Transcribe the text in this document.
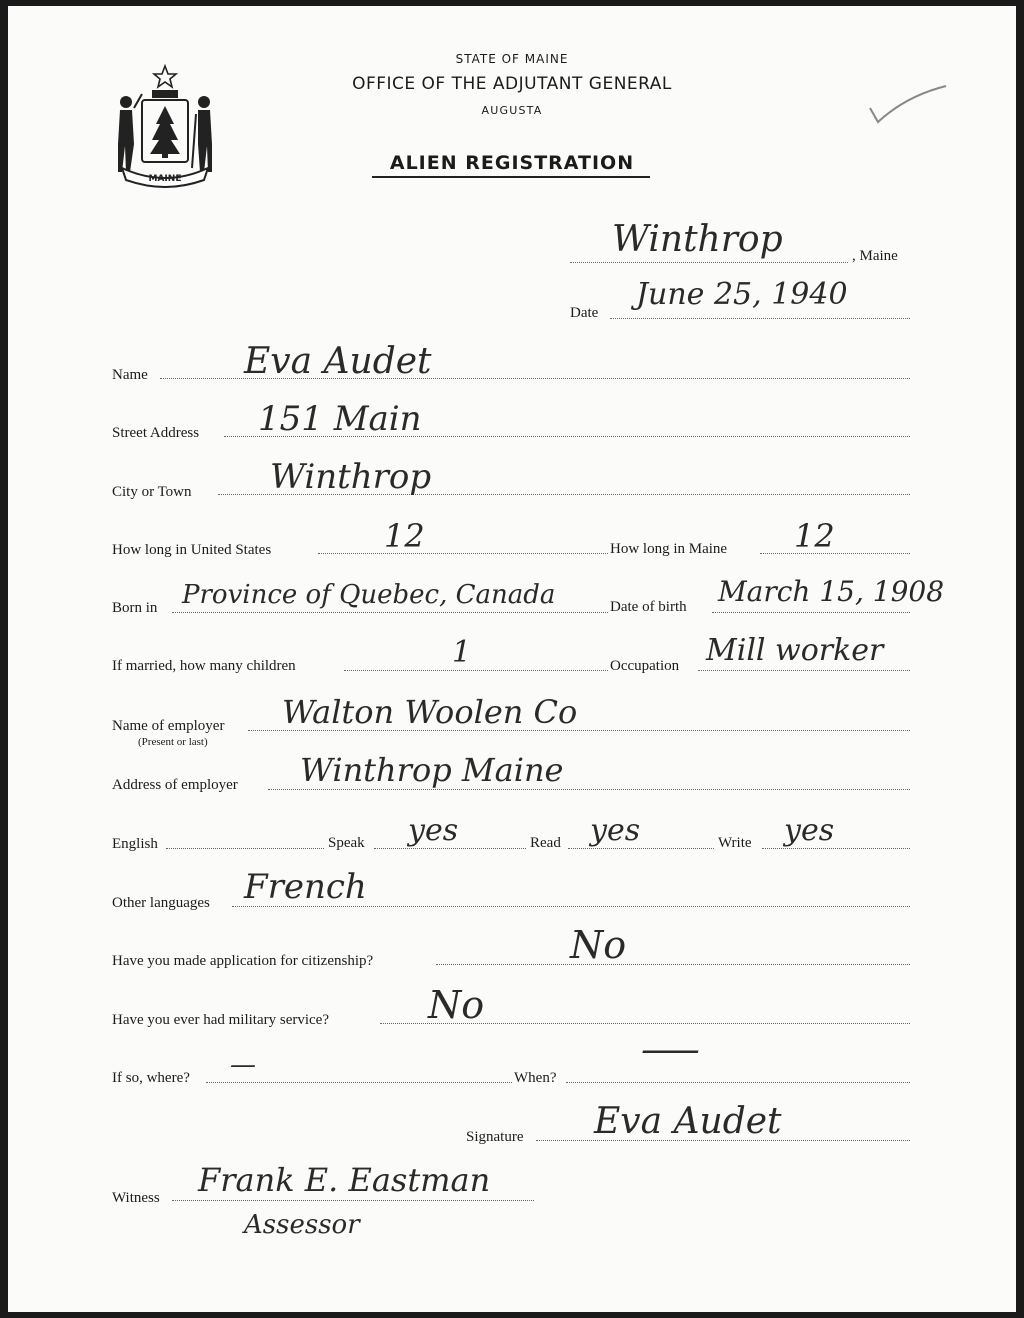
MAINE
STATE OF MAINE
OFFICE OF THE ADJUTANT GENERAL
AUGUSTA
ALIEN REGISTRATION
Winthrop	, Maine
Date
June 25, 1940
Name	Eva Audet
Street Address 151 Main
City or Town Winthrop
How long in United States	12	How long in Maine 12
Born in Province of Quebec, Canada	Date of birth March 15, 1908
If married, how many children	1	Occupation Mill worker
Name of employer
(Present or last)
Walton Woolen Co
Address of employer Winthrop Maine
English	Speak yes	Read yes	Write yes
Other languages French
Have you made application for citizenship?	No
Have you ever had military service?	No
If so, where? —	When?
—
Signature Eva Audet
Witness Frank E. Eastman
Assessor
